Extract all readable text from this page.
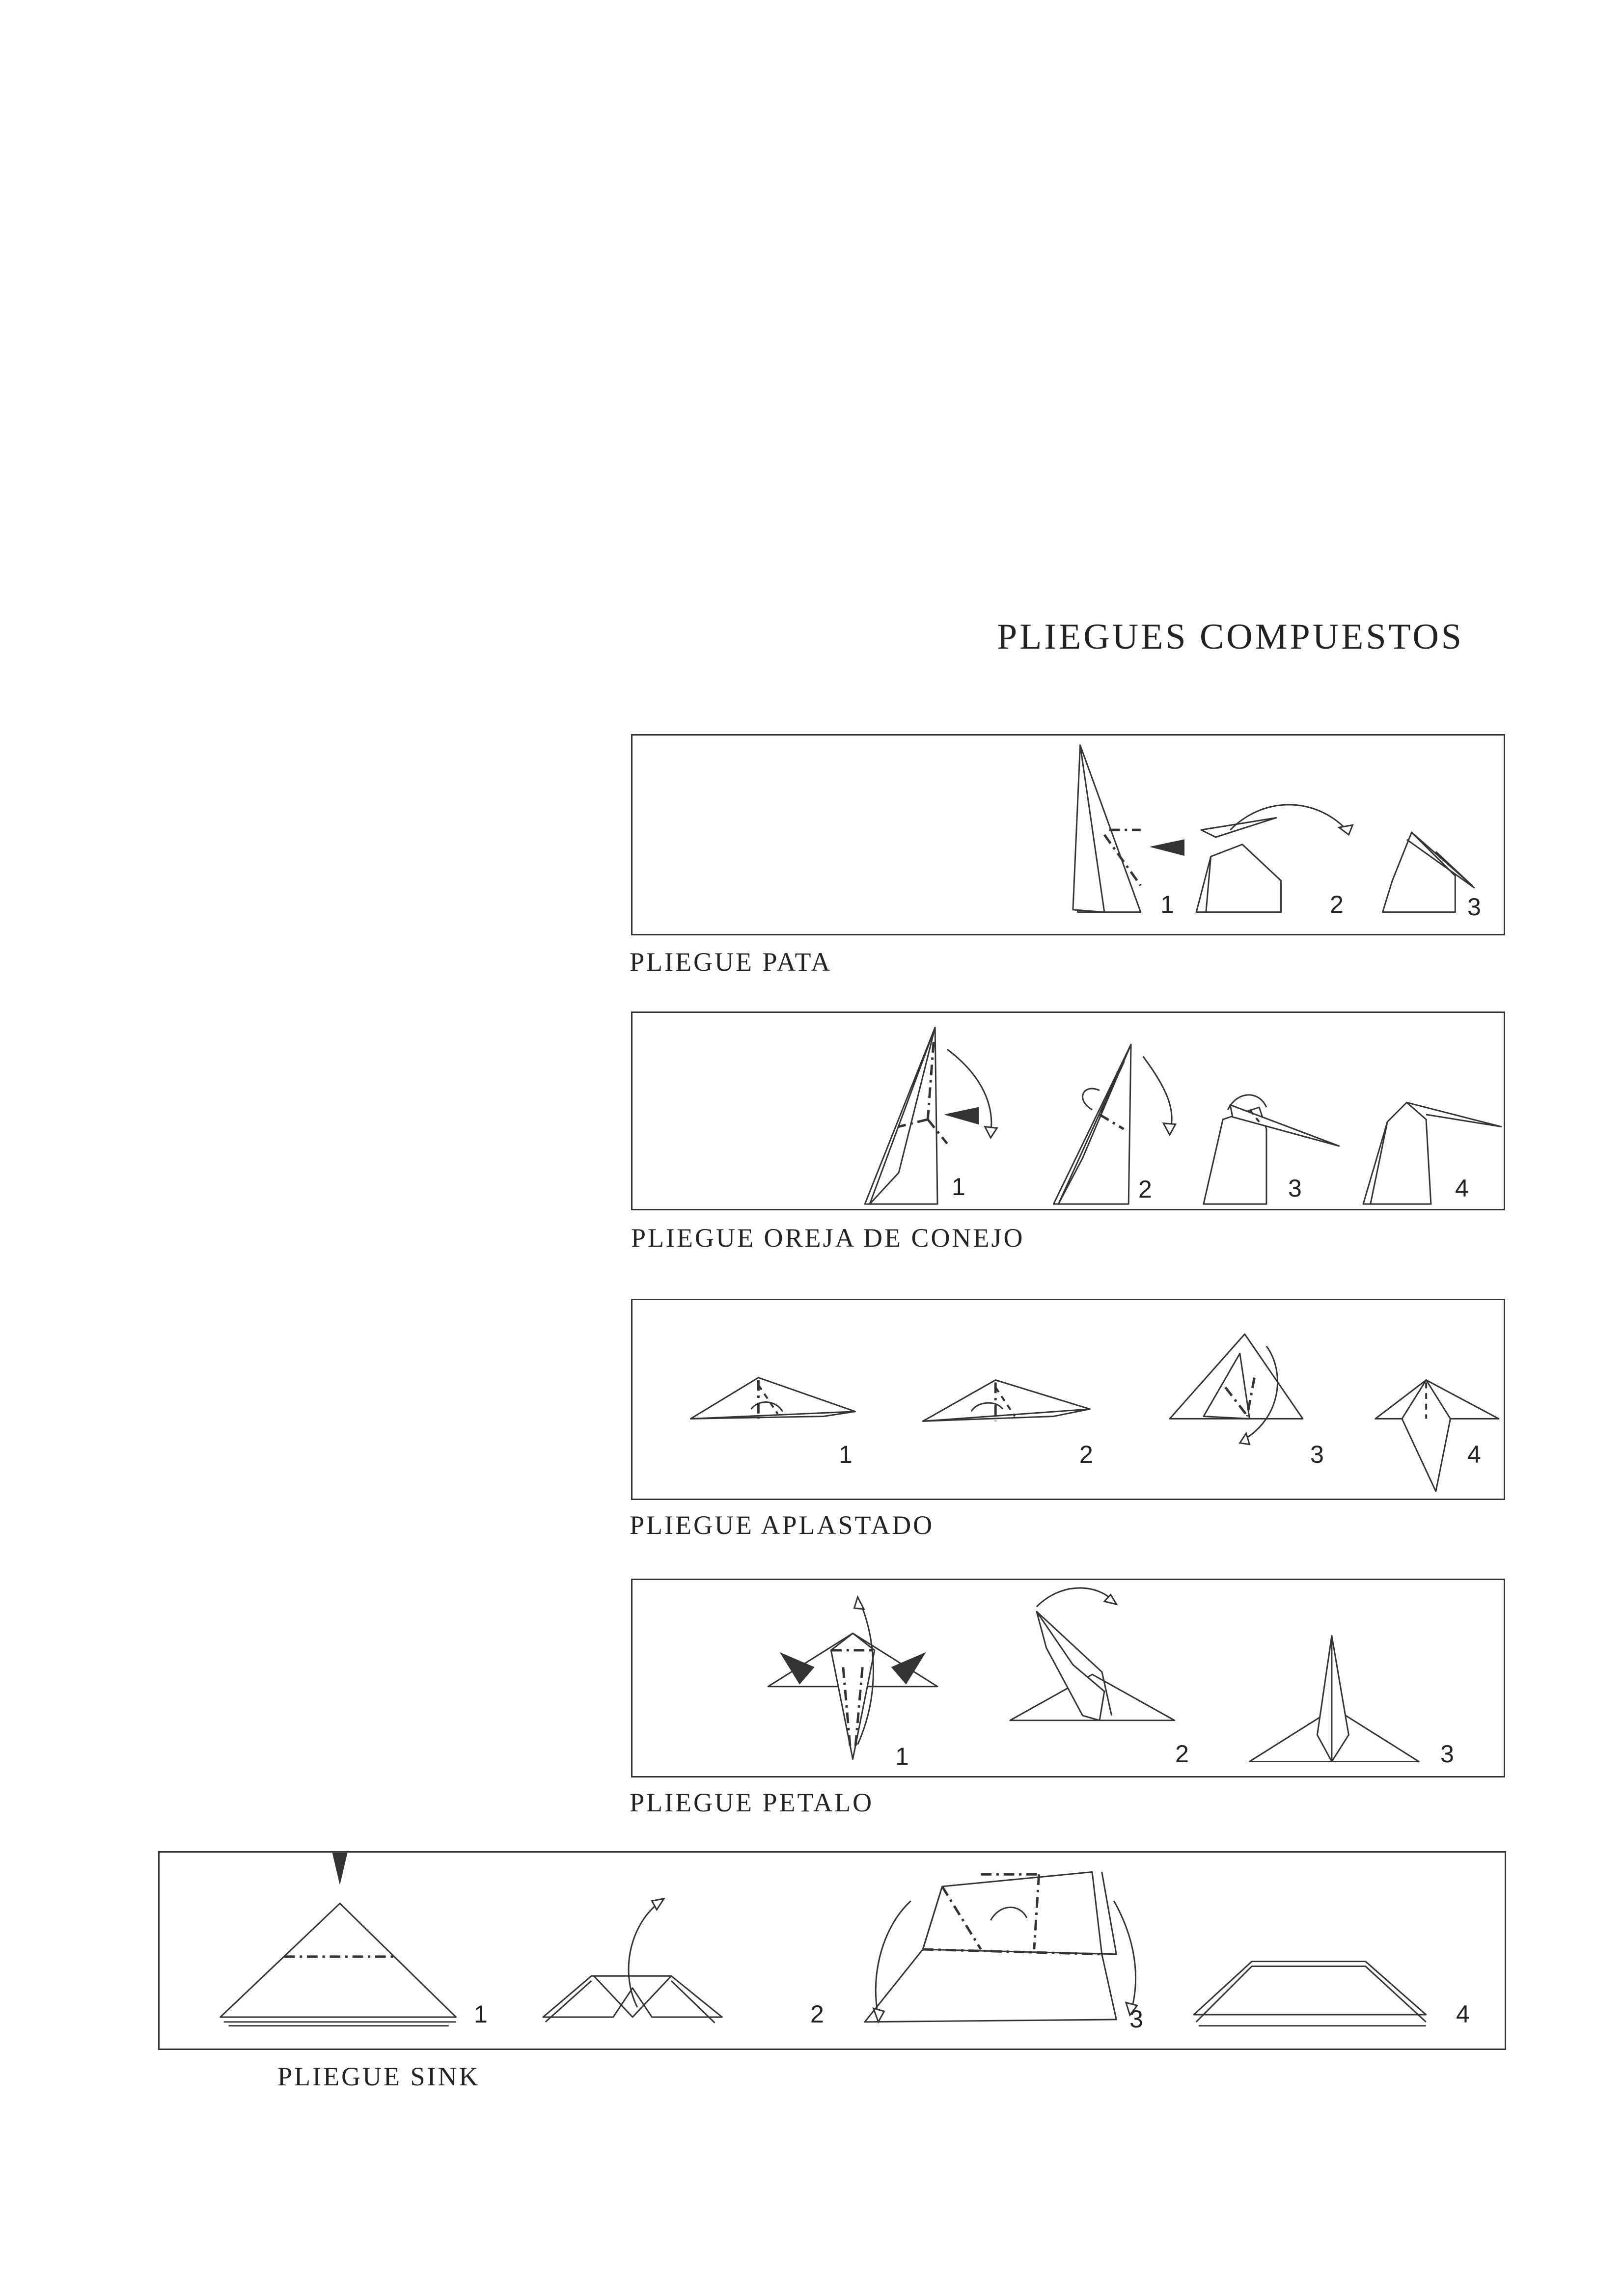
PLIEGUES COMPUESTOS
1	2	3
PLIEGUE PATA
1	2	3	4
PLIEGUE OREJA DE CONEJO
1	2	3	4
PLIEGUE APLASTADO
1	2	3
PLIEGUE PETALO
1	2	3	4
PLIEGUE SINK
